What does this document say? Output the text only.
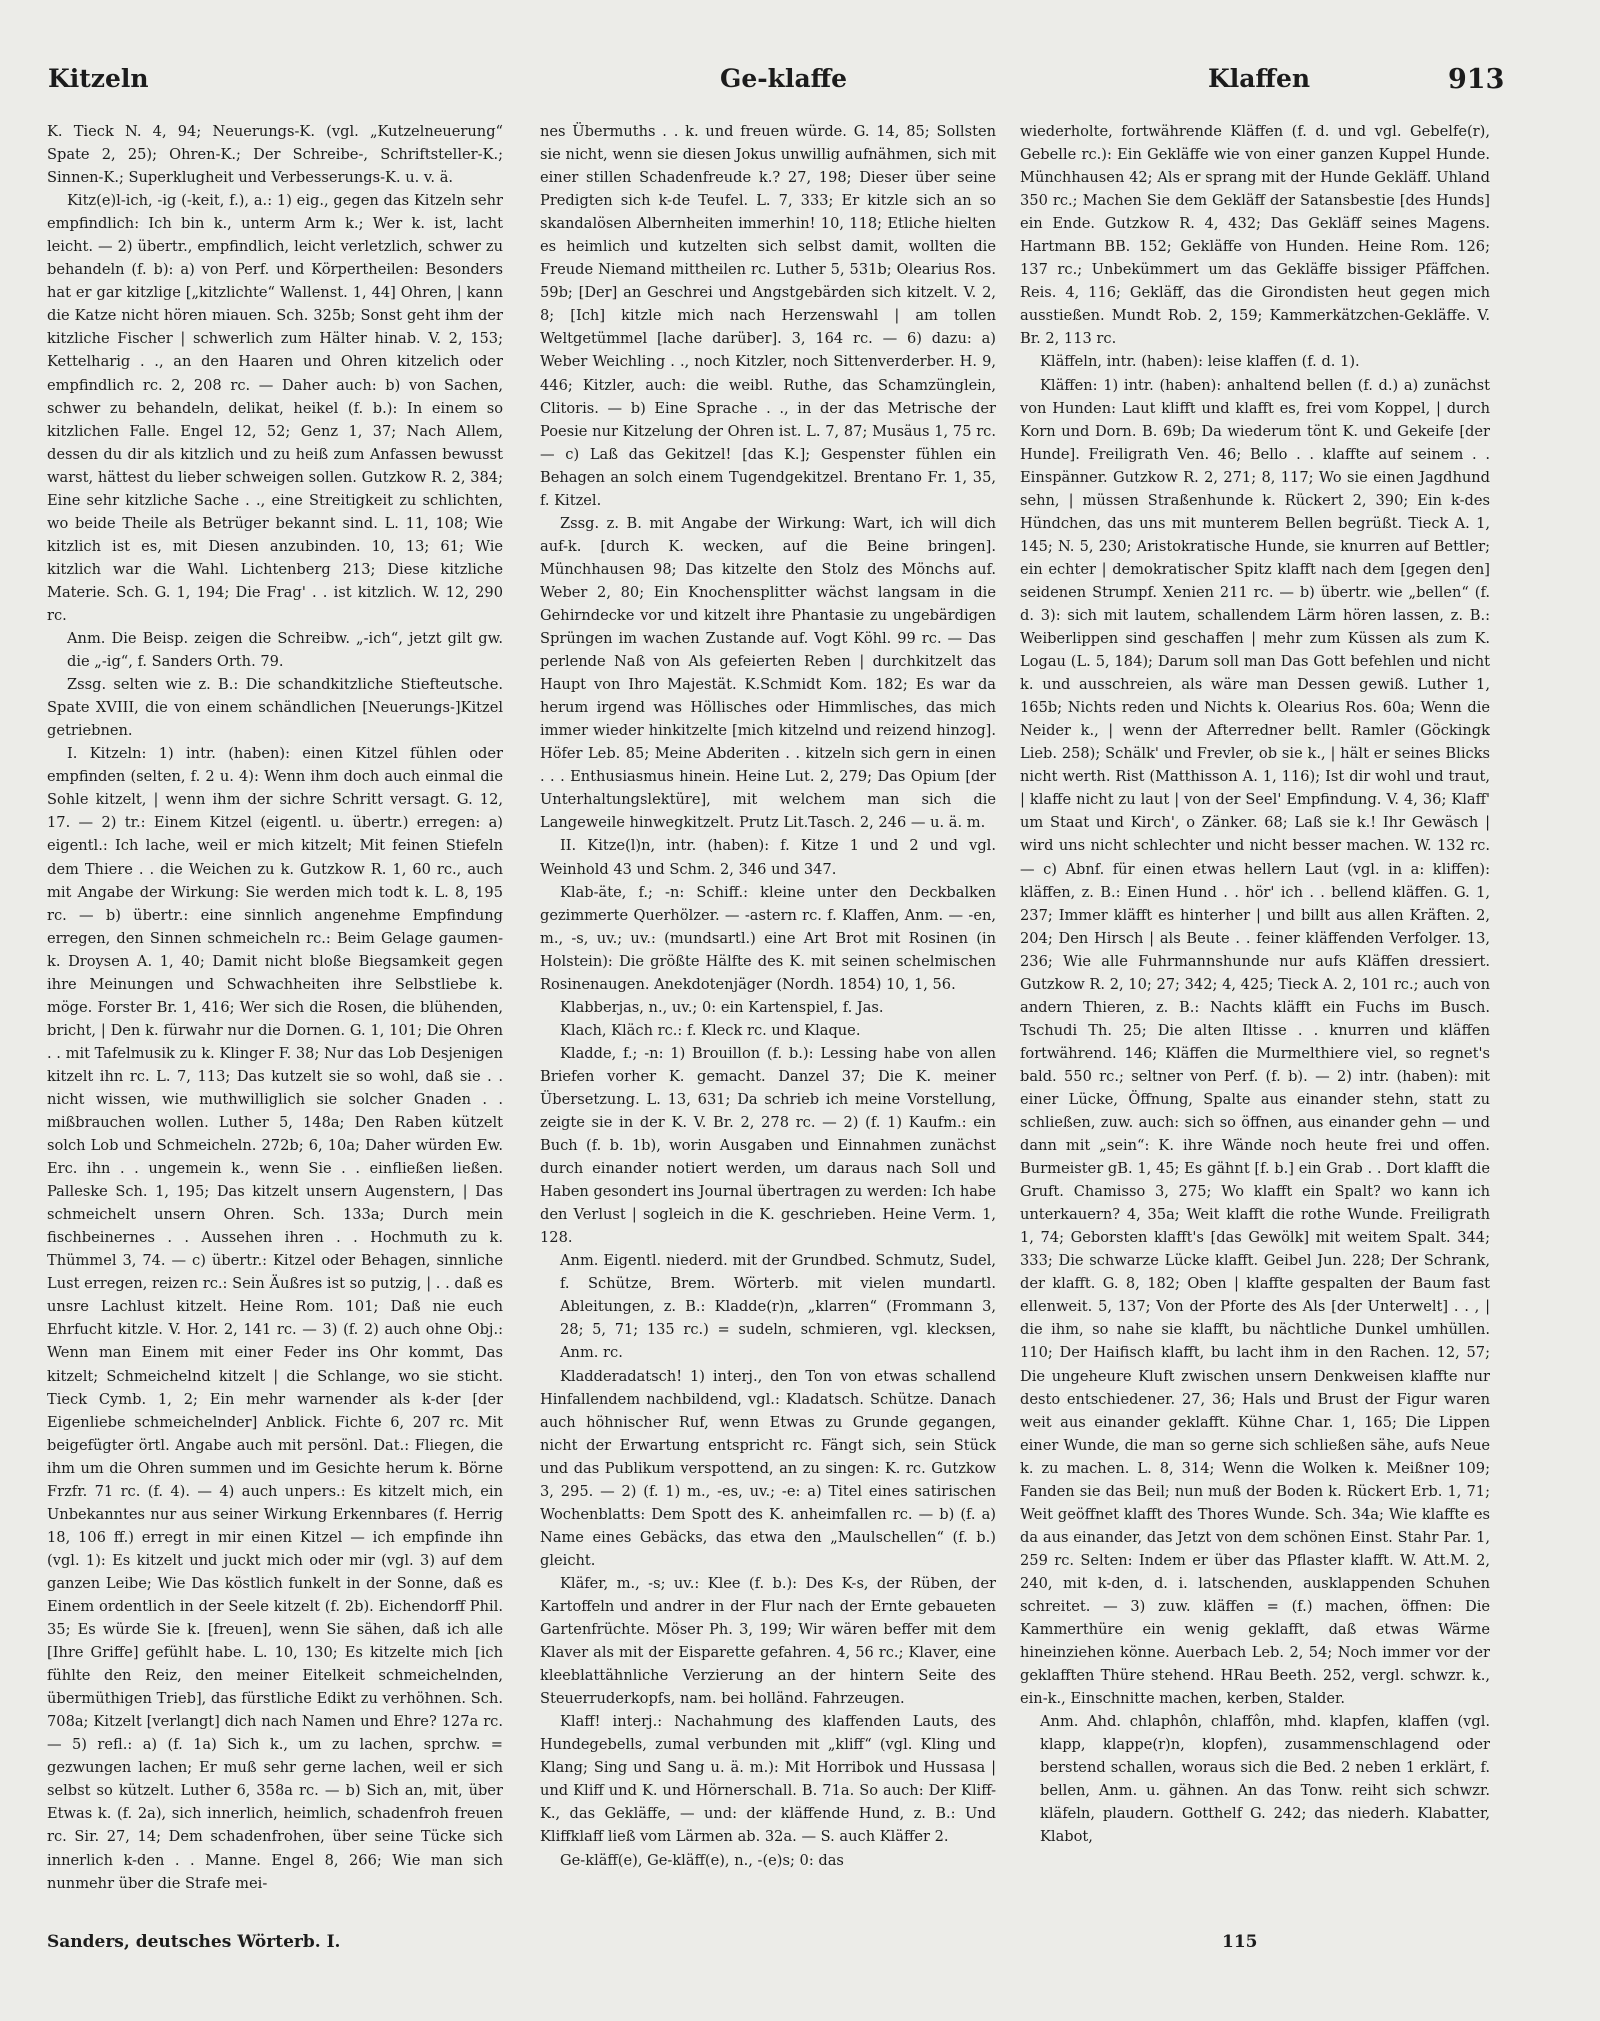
Kitzeln	Ge-klaffe	Klaffen	913

K. Tieck N. 4, 94; Neuerungs-K. (vgl. „Kutzelneuerung“ Spate 2, 25); Ohren-K.; Der Schreibe-, Schriftsteller-K.; Sinnen-K.; Superklugheit und Verbesserungs-K. u. v. ä.

Kitz(e)l-ich, -ig (-keit, f.), a.: 1) eig., gegen das Kitzeln sehr empfindlich: Ich bin k., unterm Arm k.; Wer k. ist, lacht leicht. — 2) übertr., empfindlich, leicht verletzlich, schwer zu behandeln (f. b): a) von Perf. und Körpertheilen: Besonders hat er gar kitzlige [„kitzlichte“ Wallenst. 1, 44] Ohren, | kann die Katze nicht hören miauen. Sch. 325b; Sonst geht ihm der kitzliche Fischer | schwerlich zum Hälter hinab. V. 2, 153; Kettelharig . ., an den Haaren und Ohren kitzelich oder empfindlich rc. 2, 208 rc. — Daher auch: b) von Sachen, schwer zu behandeln, delikat, heikel (f. b.): In einem so kitzlichen Falle. Engel 12, 52; Genz 1, 37; Nach Allem, dessen du dir als kitzlich und zu heiß zum Anfassen bewusst warst, hättest du lieber schweigen sollen. Gutzkow R. 2, 384; Eine sehr kitzliche Sache . ., eine Streitigkeit zu schlichten, wo beide Theile als Betrüger bekannt sind. L. 11, 108; Wie kitzlich ist es, mit Diesen anzubinden. 10, 13; 61; Wie kitzlich war die Wahl. Lichtenberg 213; Diese kitzliche Materie. Sch. G. 1, 194; Die Frag' . . ist kitzlich. W. 12, 290 rc.

Anm. Die Beisp. zeigen die Schreibw. „-ich“, jetzt gilt gw. die „-ig“, f. Sanders Orth. 79.

Zssg. selten wie z. B.: Die schandkitzliche Stiefteutsche. Spate XVIII, die von einem schändlichen [Neuerungs-]Kitzel getriebnen.

I. Kitzeln: 1) intr. (haben): einen Kitzel fühlen oder empfinden (selten, f. 2 u. 4): Wenn ihm doch auch einmal die Sohle kitzelt, | wenn ihm der sichre Schritt versagt. G. 12, 17. — 2) tr.: Einem Kitzel (eigentl. u. übertr.) erregen: a) eigentl.: Ich lache, weil er mich kitzelt; Mit feinen Stiefeln dem Thiere . . die Weichen zu k. Gutzkow R. 1, 60 rc., auch mit Angabe der Wirkung: Sie werden mich todt k. L. 8, 195 rc. — b) übertr.: eine sinnlich angenehme Empfindung erregen, den Sinnen schmeicheln rc.: Beim Gelage gaumen-k. Droysen A. 1, 40; Damit nicht bloße Biegsamkeit gegen ihre Meinungen und Schwachheiten ihre Selbstliebe k. möge. Forster Br. 1, 416; Wer sich die Rosen, die blühenden, bricht, | Den k. fürwahr nur die Dornen. G. 1, 101; Die Ohren . . mit Tafelmusik zu k. Klinger F. 38; Nur das Lob Desjenigen kitzelt ihn rc. L. 7, 113; Das kutzelt sie so wohl, daß sie . . nicht wissen, wie muthwilliglich sie solcher Gnaden . . mißbrauchen wollen. Luther 5, 148a; Den Raben kützelt solch Lob und Schmeicheln. 272b; 6, 10a; Daher würden Ew. Erc. ihn . . ungemein k., wenn Sie . . einfließen ließen. Palleske Sch. 1, 195; Das kitzelt unsern Augenstern, | Das schmeichelt unsern Ohren. Sch. 133a; Durch mein fischbeinernes . . Aussehen ihren . . Hochmuth zu k. Thümmel 3, 74. — c) übertr.: Kitzel oder Behagen, sinnliche Lust erregen, reizen rc.: Sein Äußres ist so putzig, | . . daß es unsre Lachlust kitzelt. Heine Rom. 101; Daß nie euch Ehrfucht kitzle. V. Hor. 2, 141 rc. — 3) (f. 2) auch ohne Obj.: Wenn man Einem mit einer Feder ins Ohr kommt, Das kitzelt; Schmeichelnd kitzelt | die Schlange, wo sie sticht. Tieck Cymb. 1, 2; Ein mehr warnender als k-der [der Eigenliebe schmeichelnder] Anblick. Fichte 6, 207 rc. Mit beigefügter örtl. Angabe auch mit persönl. Dat.: Fliegen, die ihm um die Ohren summen und im Gesichte herum k. Börne Frzfr. 71 rc. (f. 4). — 4) auch unpers.: Es kitzelt mich, ein Unbekanntes nur aus seiner Wirkung Erkennbares (f. Herrig 18, 106 ff.) erregt in mir einen Kitzel — ich empfinde ihn (vgl. 1): Es kitzelt und juckt mich oder mir (vgl. 3) auf dem ganzen Leibe; Wie Das köstlich funkelt in der Sonne, daß es Einem ordentlich in der Seele kitzelt (f. 2b). Eichendorff Phil. 35; Es würde Sie k. [freuen], wenn Sie sähen, daß ich alle [Ihre Griffe] gefühlt habe. L. 10, 130; Es kitzelte mich [ich fühlte den Reiz, den meiner Eitelkeit schmeichelnden, übermüthigen Trieb], das fürstliche Edikt zu verhöhnen. Sch. 708a; Kitzelt [verlangt] dich nach Namen und Ehre? 127a rc. — 5) refl.: a) (f. 1a) Sich k., um zu lachen, sprchw. = gezwungen lachen; Er muß sehr gerne lachen, weil er sich selbst so kützelt. Luther 6, 358a rc. — b) Sich an, mit, über Etwas k. (f. 2a), sich innerlich, heimlich, schadenfroh freuen rc. Sir. 27, 14; Dem schadenfrohen, über seine Tücke sich innerlich k-den . . Manne. Engel 8, 266; Wie man sich nunmehr über die Strafe mei-

nes Übermuths . . k. und freuen würde. G. 14, 85; Sollsten sie nicht, wenn sie diesen Jokus unwillig aufnähmen, sich mit einer stillen Schadenfreude k.? 27, 198; Dieser über seine Predigten sich k-de Teufel. L. 7, 333; Er kitzle sich an so skandalösen Albernheiten immerhin! 10, 118; Etliche hielten es heimlich und kutzelten sich selbst damit, wollten die Freude Niemand mittheilen rc. Luther 5, 531b; Olearius Ros. 59b; [Der] an Geschrei und Angstgebärden sich kitzelt. V. 2, 8; [Ich] kitzle mich nach Herzenswahl | am tollen Weltgetümmel [lache darüber]. 3, 164 rc. — 6) dazu: a) Weber Weichling . ., noch Kitzler, noch Sittenverderber. H. 9, 446; Kitzler, auch: die weibl. Ruthe, das Schamzünglein, Clitoris. — b) Eine Sprache . ., in der das Metrische der Poesie nur Kitzelung der Ohren ist. L. 7, 87; Musäus 1, 75 rc. — c) Laß das Gekitzel! [das K.]; Gespenster fühlen ein Behagen an solch einem Tugendgekitzel. Brentano Fr. 1, 35, f. Kitzel.

Zssg. z. B. mit Angabe der Wirkung: Wart, ich will dich auf-k. [durch K. wecken, auf die Beine bringen]. Münchhausen 98; Das kitzelte den Stolz des Mönchs auf. Weber 2, 80; Ein Knochensplitter wächst langsam in die Gehirndecke vor und kitzelt ihre Phantasie zu ungebärdigen Sprüngen im wachen Zustande auf. Vogt Köhl. 99 rc. — Das perlende Naß von Als gefeierten Reben | durchkitzelt das Haupt von Ihro Majestät. K.Schmidt Kom. 182; Es war da herum irgend was Höllisches oder Himmlisches, das mich immer wieder hinkitzelte [mich kitzelnd und reizend hinzog]. Höfer Leb. 85; Meine Abderiten . . kitzeln sich gern in einen . . . Enthusiasmus hinein. Heine Lut. 2, 279; Das Opium [der Unterhaltungslektüre], mit welchem man sich die Langeweile hinwegkitzelt. Prutz Lit.Tasch. 2, 246 — u. ä. m.

II. Kitze(l)n, intr. (haben): f. Kitze 1 und 2 und vgl. Weinhold 43 und Schm. 2, 346 und 347.

Klab-äte, f.; -n: Schiff.: kleine unter den Deckbalken gezimmerte Querhölzer. — -astern rc. f. Klaffen, Anm. — -en, m., -s, uv.; uv.: (mundsartl.) eine Art Brot mit Rosinen (in Holstein): Die größte Hälfte des K. mit seinen schelmischen Rosinenaugen. Anekdotenjäger (Nordh. 1854) 10, 1, 56.

Klabberjas, n., uv.; 0: ein Kartenspiel, f. Jas.

Klach, Kläch rc.: f. Kleck rc. und Klaque.

Kladde, f.; -n: 1) Brouillon (f. b.): Lessing habe von allen Briefen vorher K. gemacht. Danzel 37; Die K. meiner Übersetzung. L. 13, 631; Da schrieb ich meine Vorstellung, zeigte sie in der K. V. Br. 2, 278 rc. — 2) (f. 1) Kaufm.: ein Buch (f. b. 1b), worin Ausgaben und Einnahmen zunächst durch einander notiert werden, um daraus nach Soll und Haben gesondert ins Journal übertragen zu werden: Ich habe den Verlust | sogleich in die K. geschrieben. Heine Verm. 1, 128.

Anm. Eigentl. niederd. mit der Grundbed. Schmutz, Sudel, f. Schütze, Brem. Wörterb. mit vielen mundartl. Ableitungen, z. B.: Kladde(r)n, „klarren“ (Frommann 3, 28; 5, 71; 135 rc.) = sudeln, schmieren, vgl. klecksen, Anm. rc.

Kladderadatsch! 1) interj., den Ton von etwas schallend Hinfallendem nachbildend, vgl.: Kladatsch. Schütze. Danach auch höhnischer Ruf, wenn Etwas zu Grunde gegangen, nicht der Erwartung entspricht rc. Fängt sich, sein Stück und das Publikum verspottend, an zu singen: K. rc. Gutzkow 3, 295. — 2) (f. 1) m., -es, uv.; -e: a) Titel eines satirischen Wochenblatts: Dem Spott des K. anheimfallen rc. — b) (f. a) Name eines Gebäcks, das etwa den „Maulschellen“ (f. b.) gleicht.

Kläfer, m., -s; uv.: Klee (f. b.): Des K-s, der Rüben, der Kartoffeln und andrer in der Flur nach der Ernte gebaueten Gartenfrüchte. Möser Ph. 3, 199; Wir wären beffer mit dem Klaver als mit der Eisparette gefahren. 4, 56 rc.; Klaver, eine kleeblattähnliche Verzierung an der hintern Seite des Steuerruderkopfs, nam. bei holländ. Fahrzeugen.

Klaff! interj.: Nachahmung des klaffenden Lauts, des Hundegebells, zumal verbunden mit „kliff“ (vgl. Kling und Klang; Sing und Sang u. ä. m.): Mit Horribok und Hussasa | und Kliff und K. und Hörnerschall. B. 71a. So auch: Der Kliff-K., das Gekläffe, — und: der kläffende Hund, z. B.: Und Kliffklaff ließ vom Lärmen ab. 32a. — S. auch Kläffer 2.

Ge-kläff(e), Ge-kläff(e), n., -(e)s; 0: das

wiederholte, fortwährende Kläffen (f. d. und vgl. Gebelfe(r), Gebelle rc.): Ein Gekläffe wie von einer ganzen Kuppel Hunde. Münchhausen 42; Als er sprang mit der Hunde Gekläff. Uhland 350 rc.; Machen Sie dem Gekläff der Satansbestie [des Hunds] ein Ende. Gutzkow R. 4, 432; Das Gekläff seines Magens. Hartmann BB. 152; Gekläffe von Hunden. Heine Rom. 126; 137 rc.; Unbekümmert um das Gekläffe bissiger Pfäffchen. Reis. 4, 116; Gekläff, das die Girondisten heut gegen mich ausstießen. Mundt Rob. 2, 159; Kammerkätzchen-Gekläffe. V. Br. 2, 113 rc.

Kläffeln, intr. (haben): leise klaffen (f. d. 1).

Kläffen: 1) intr. (haben): anhaltend bellen (f. d.) a) zunächst von Hunden: Laut klifft und klafft es, frei vom Koppel, | durch Korn und Dorn. B. 69b; Da wiederum tönt K. und Gekeife [der Hunde]. Freiligrath Ven. 46; Bello . . klaffte auf seinem . . Einspänner. Gutzkow R. 2, 271; 8, 117; Wo sie einen Jagdhund sehn, | müssen Straßenhunde k. Rückert 2, 390; Ein k-des Hündchen, das uns mit munterem Bellen begrüßt. Tieck A. 1, 145; N. 5, 230; Aristokratische Hunde, sie knurren auf Bettler; ein echter | demokratischer Spitz klafft nach dem [gegen den] seidenen Strumpf. Xenien 211 rc. — b) übertr. wie „bellen“ (f. d. 3): sich mit lautem, schallendem Lärm hören lassen, z. B.: Weiberlippen sind geschaffen | mehr zum Küssen als zum K. Logau (L. 5, 184); Darum soll man Das Gott befehlen und nicht k. und ausschreien, als wäre man Dessen gewiß. Luther 1, 165b; Nichts reden und Nichts k. Olearius Ros. 60a; Wenn die Neider k., | wenn der Afterredner bellt. Ramler (Göckingk Lieb. 258); Schälk' und Frevler, ob sie k., | hält er seines Blicks nicht werth. Rist (Matthisson A. 1, 116); Ist dir wohl und traut, | klaffe nicht zu laut | von der Seel' Empfindung. V. 4, 36; Klaff' um Staat und Kirch', o Zänker. 68; Laß sie k.! Ihr Gewäsch | wird uns nicht schlechter und nicht besser machen. W. 132 rc. — c) Abnf. für einen etwas hellern Laut (vgl. in a: kliffen): kläffen, z. B.: Einen Hund . . hör' ich . . bellend kläffen. G. 1, 237; Immer kläfft es hinterher | und billt aus allen Kräften. 2, 204; Den Hirsch | als Beute . . feiner kläffenden Verfolger. 13, 236; Wie alle Fuhrmannshunde nur aufs Kläffen dressiert. Gutzkow R. 2, 10; 27; 342; 4, 425; Tieck A. 2, 101 rc.; auch von andern Thieren, z. B.: Nachts kläfft ein Fuchs im Busch. Tschudi Th. 25; Die alten Iltisse . . knurren und kläffen fortwährend. 146; Kläffen die Murmelthiere viel, so regnet's bald. 550 rc.; seltner von Perf. (f. b). — 2) intr. (haben): mit einer Lücke, Öffnung, Spalte aus einander stehn, statt zu schließen, zuw. auch: sich so öffnen, aus einander gehn — und dann mit „sein“: K. ihre Wände noch heute frei und offen. Burmeister gB. 1, 45; Es gähnt [f. b.] ein Grab . . Dort klafft die Gruft. Chamisso 3, 275; Wo klafft ein Spalt? wo kann ich unterkauern? 4, 35a; Weit klafft die rothe Wunde. Freiligrath 1, 74; Geborsten klafft's [das Gewölk] mit weitem Spalt. 344; 333; Die schwarze Lücke klafft. Geibel Jun. 228; Der Schrank, der klafft. G. 8, 182; Oben | klaffte gespalten der Baum fast ellenweit. 5, 137; Von der Pforte des Als [der Unterwelt] . . , | die ihm, so nahe sie klafft, bu nächtliche Dunkel umhüllen. 110; Der Haifisch klafft, bu lacht ihm in den Rachen. 12, 57; Die ungeheure Kluft zwischen unsern Denkweisen klaffte nur desto entschiedener. 27, 36; Hals und Brust der Figur waren weit aus einander geklafft. Kühne Char. 1, 165; Die Lippen einer Wunde, die man so gerne sich schließen sähe, aufs Neue k. zu machen. L. 8, 314; Wenn die Wolken k. Meißner 109; Fanden sie das Beil; nun muß der Boden k. Rückert Erb. 1, 71; Weit geöffnet klafft des Thores Wunde. Sch. 34a; Wie klaffte es da aus einander, das Jetzt von dem schönen Einst. Stahr Par. 1, 259 rc. Selten: Indem er über das Pflaster klafft. W. Att.M. 2, 240, mit k-den, d. i. latschenden, ausklappenden Schuhen schreitet. — 3) zuw. kläffen = (f.) machen, öffnen: Die Kammerthüre ein wenig geklafft, daß etwas Wärme hineinziehen könne. Auerbach Leb. 2, 54; Noch immer vor der geklafften Thüre stehend. HRau Beeth. 252, vergl. schwzr. k., ein-k., Einschnitte machen, kerben, Stalder.

Anm. Ahd. chlaphôn, chlaffôn, mhd. klapfen, klaffen (vgl. klapp, klappe(r)n, klopfen), zusammenschlagend oder berstend schallen, woraus sich die Bed. 2 neben 1 erklärt, f. bellen, Anm. u. gähnen. An das Tonw. reiht sich schwzr. kläfeln, plaudern. Gotthelf G. 242; das niederh. Klabatter, Klabot,

Sanders, deutsches Wörterb. I.	115
